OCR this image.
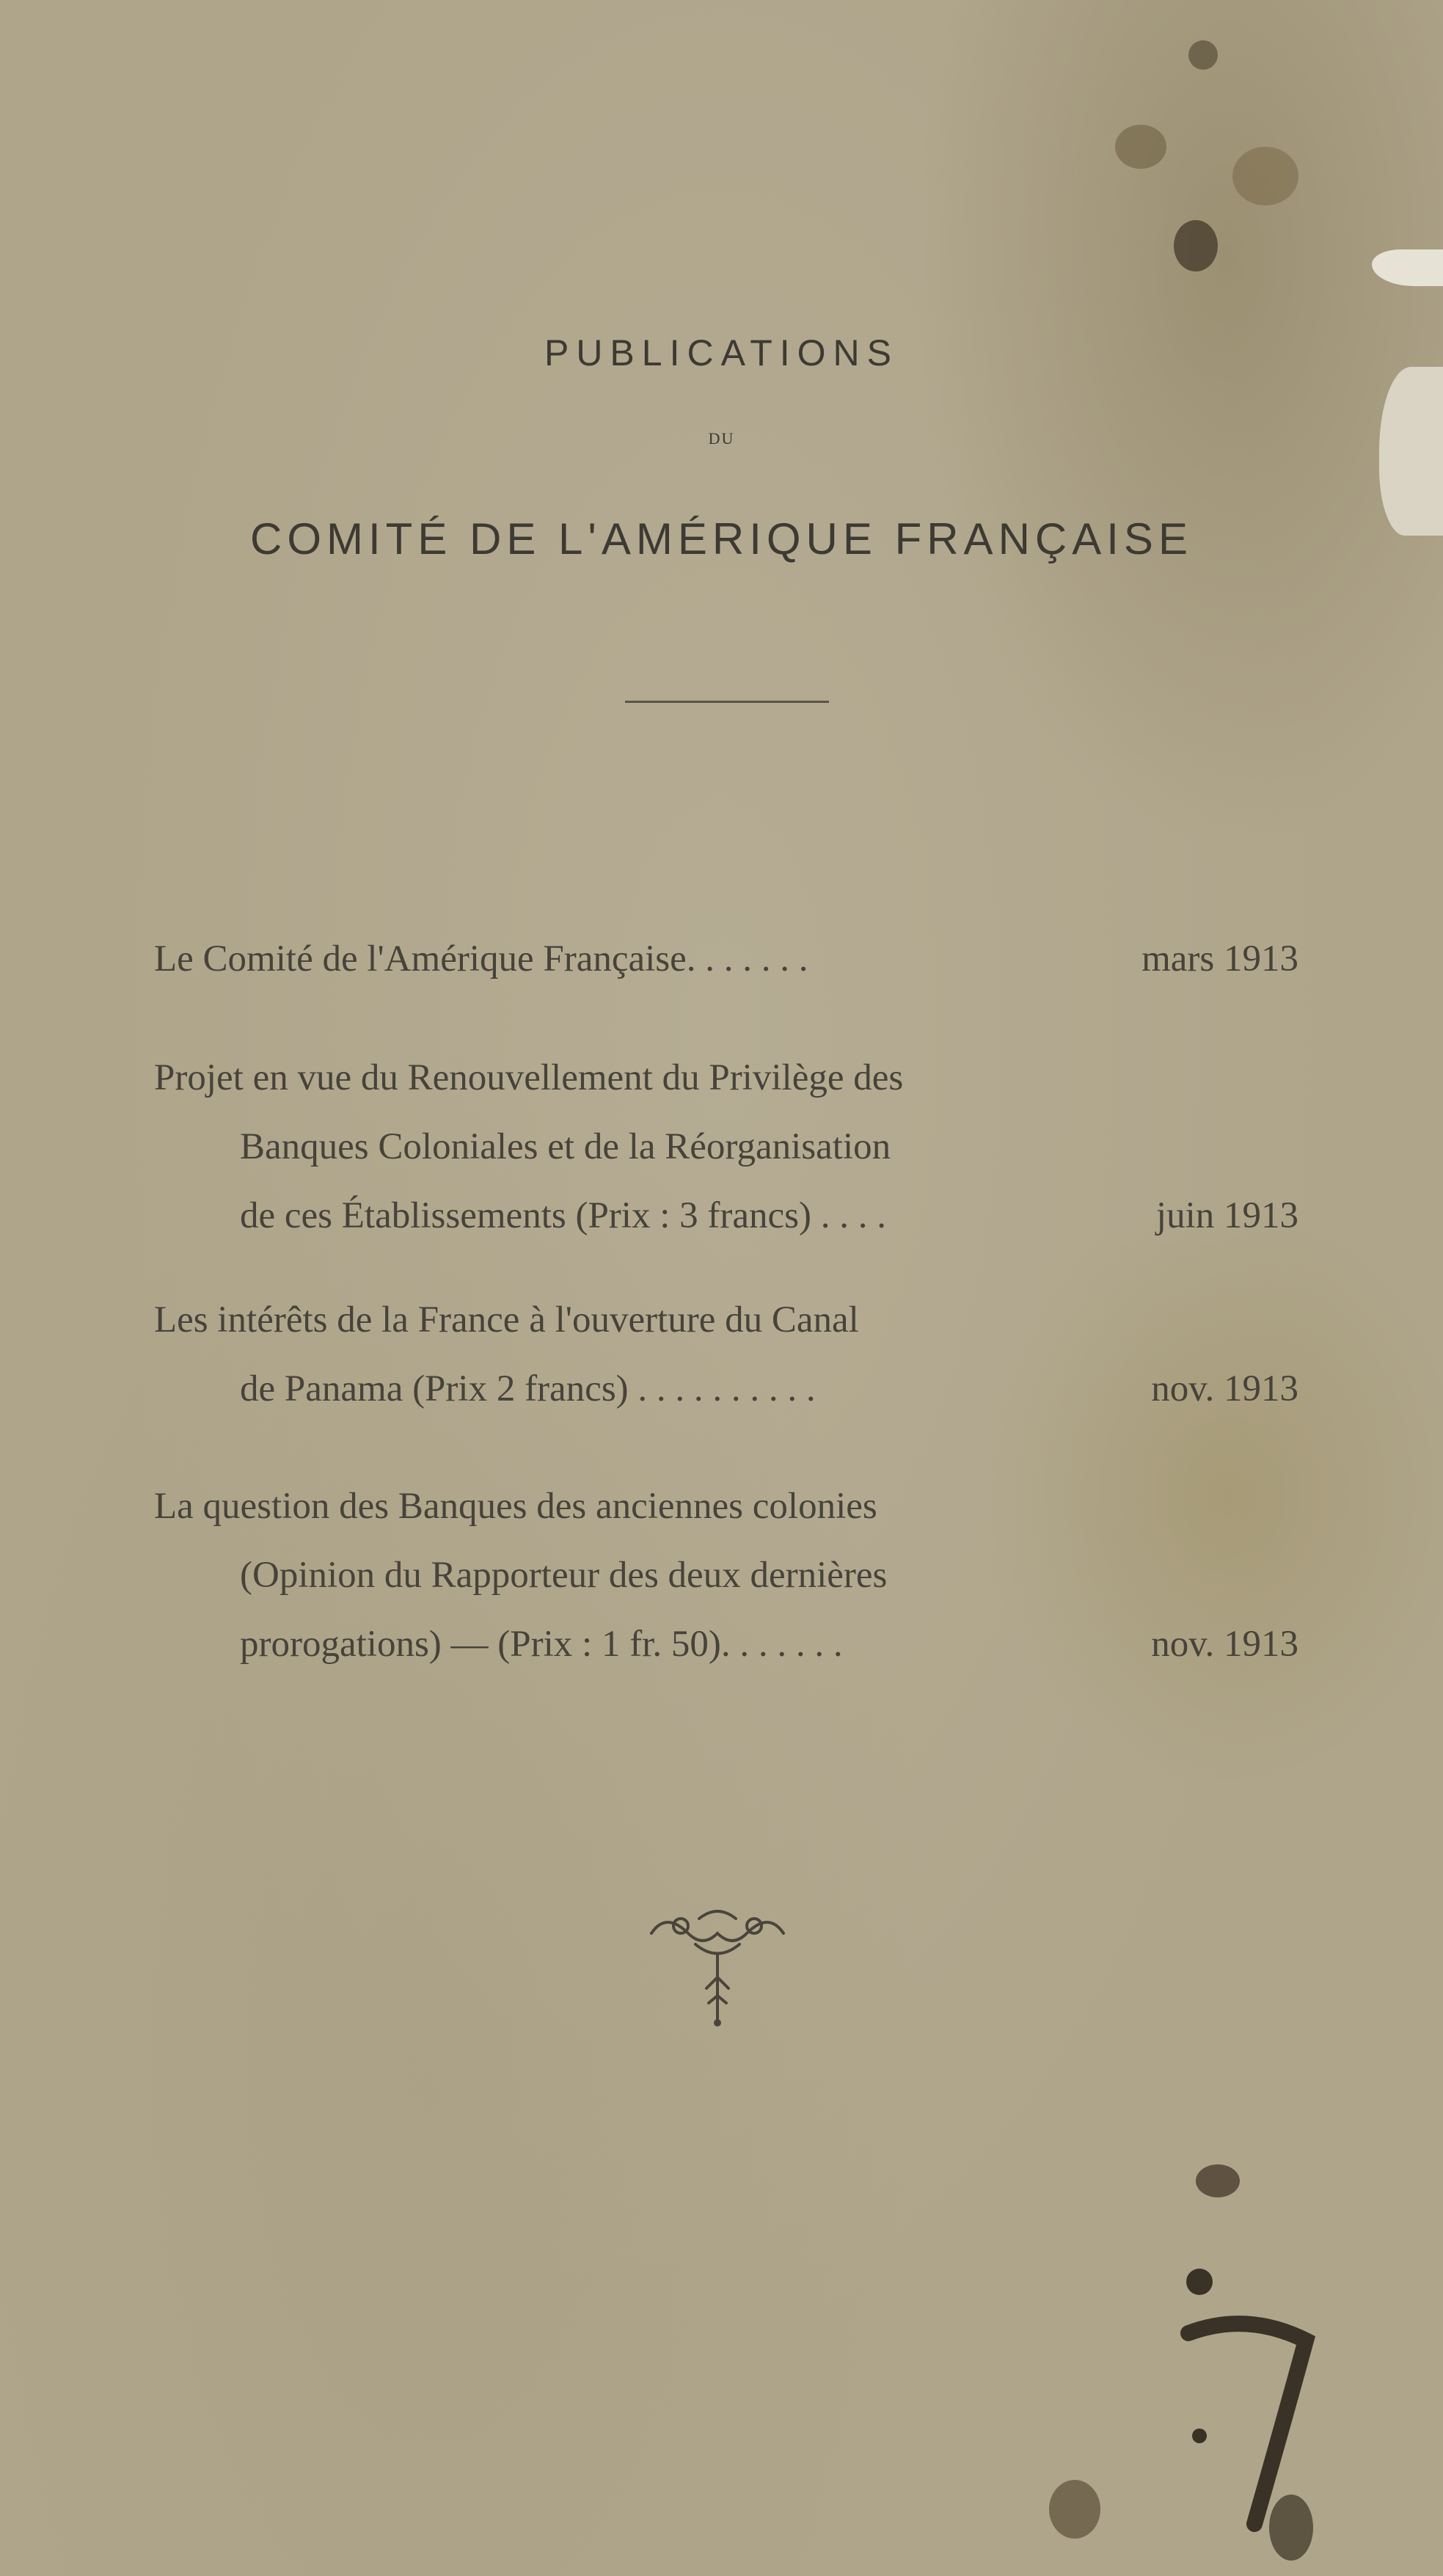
PUBLICATIONS
DU
COMITÉ DE L'AMÉRIQUE FRANÇAISE
Le Comité de l'Amérique Française. . . . . . .	mars 1913
Projet en vue du Renouvellement du Privilège des
Banques Coloniales et de la Réorganisation
de ces Établissements (Prix : 3 francs) . . . .	juin 1913
Les intérêts de la France à l'ouverture du Canal
de Panama (Prix 2 francs) . . . . . . . . . .	nov. 1913
La question des Banques des anciennes colonies
(Opinion du Rapporteur des deux dernières
prorogations) — (Prix : 1 fr. 50). . . . . . .	nov. 1913
